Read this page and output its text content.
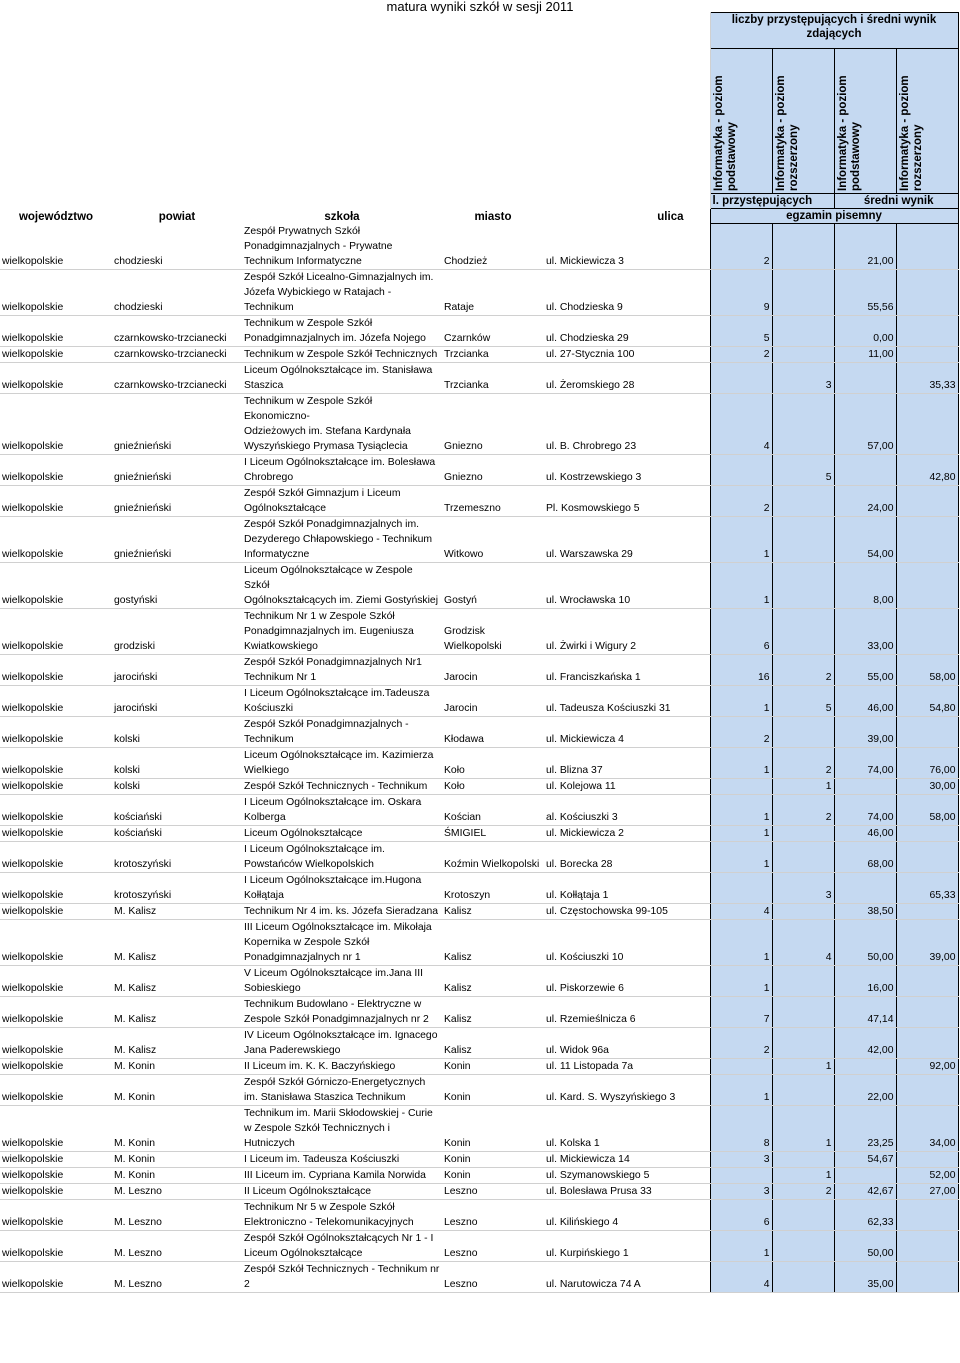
matura wyniki szkół w sesji 2011
					liczby przystępujących i średni wynik zdających			

					Informatyka - poziom podstawowy	Informatyka - poziom rozszerzony	Informatyka - poziom podstawowy	Informatyka - poziom rozszerzony

					l. przystępujących		średni wynik	
województwo	powiat	szkoła	miasto	ulica	egzamin pisemny			
wielkopolskie	chodzieski	Zespół Prywatnych Szkół
Ponadgimnazjalnych - Prywatne
Technikum Informatyczne	Chodzież	ul. Mickiewicza 3	2		21,00	
wielkopolskie	chodzieski	Zespół Szkół Licealno-Gimnazjalnych im.
Józefa Wybickiego w Ratajach -
Technikum	Rataje	ul. Chodzieska 9	9		55,56	
wielkopolskie	czarnkowsko-trzcianecki	Technikum w Zespole Szkół
Ponadgimnazjalnych im. Józefa Nojego	Czarnków	ul. Chodzieska 29	5		0,00	
wielkopolskie	czarnkowsko-trzcianecki	Technikum w Zespole Szkół Technicznych	Trzcianka	ul. 27-Stycznia 100	2		11,00	
wielkopolskie	czarnkowsko-trzcianecki	Liceum Ogólnokształcące im. Stanisława
Staszica	Trzcianka	ul. Żeromskiego 28		3		35,33
wielkopolskie	gnieźnieński	Technikum w Zespole Szkół Ekonomiczno-
Odzieżowych im. Stefana Kardynała
Wyszyńskiego Prymasa Tysiąclecia	Gniezno	ul. B. Chrobrego 23	4		57,00	
wielkopolskie	gnieźnieński	I Liceum Ogólnokształcące im. Bolesława
Chrobrego	Gniezno	ul. Kostrzewskiego 3		5		42,80
wielkopolskie	gnieźnieński	Zespół Szkół Gimnazjum i Liceum
Ogólnokształcące	Trzemeszno	Pl. Kosmowskiego 5	2		24,00	
wielkopolskie	gnieźnieński	Zespół Szkół Ponadgimnazjalnych im.
Dezyderego Chłapowskiego - Technikum
Informatyczne	Witkowo	ul. Warszawska 29	1		54,00	
wielkopolskie	gostyński	Liceum Ogólnokształcące w Zespole Szkół
Ogólnokształcących im. Ziemi Gostyńskiej	Gostyń	ul. Wrocławska 10	1		8,00	
wielkopolskie	grodziski	Technikum Nr 1 w Zespole Szkół
Ponadgimnazjalnych im. Eugeniusza
Kwiatkowskiego	Grodzisk
Wielkopolski	ul. Żwirki i Wigury 2	6		33,00	
wielkopolskie	jarociński	Zespół Szkół Ponadgimnazjalnych Nr1
Technikum Nr 1	Jarocin	ul. Franciszkańska 1	16	2	55,00	58,00
wielkopolskie	jarociński	I Liceum Ogólnokształcące im.Tadeusza
Kościuszki	Jarocin	ul. Tadeusza Kościuszki 31	1	5	46,00	54,80
wielkopolskie	kolski	Zespół Szkół Ponadgimnazjalnych -
Technikum	Kłodawa	ul. Mickiewicza 4	2		39,00	
wielkopolskie	kolski	Liceum Ogólnokształcące im. Kazimierza
Wielkiego	Koło	ul. Blizna 37	1	2	74,00	76,00
wielkopolskie	kolski	Zespół Szkół Technicznych - Technikum	Koło	ul. Kolejowa 11		1		30,00
wielkopolskie	kościański	I Liceum Ogólnokształcące im. Oskara
Kolberga	Kościan	al. Kościuszki 3	1	2	74,00	58,00
wielkopolskie	kościański	Liceum Ogólnokształcące	ŚMIGIEL	ul. Mickiewicza 2	1		46,00	
wielkopolskie	krotoszyński	I Liceum Ogólnokształcące im.
Powstańców Wielkopolskich	Koźmin Wielkopolski	ul. Borecka 28	1		68,00	
wielkopolskie	krotoszyński	I Liceum Ogólnokształcące im.Hugona
Kołłątaja	Krotoszyn	ul. Kołłątaja 1		3		65,33
wielkopolskie	M. Kalisz	Technikum Nr 4 im. ks. Józefa Sieradzana	Kalisz	ul. Częstochowska 99-105	4		38,50	
wielkopolskie	M. Kalisz	III Liceum Ogólnokształcące im. Mikołaja
Kopernika w Zespole Szkół
Ponadgimnazjalnych nr 1	Kalisz	ul. Kościuszki 10	1	4	50,00	39,00
wielkopolskie	M. Kalisz	V Liceum Ogólnokształcące im.Jana III
Sobieskiego	Kalisz	ul. Piskorzewie 6	1		16,00	
wielkopolskie	M. Kalisz	Technikum Budowlano - Elektryczne w
Zespole Szkół Ponadgimnazjalnych nr 2	Kalisz	ul. Rzemieślnicza 6	7		47,14	
wielkopolskie	M. Kalisz	IV Liceum Ogólnokształcące im. Ignacego
Jana Paderewskiego	Kalisz	ul. Widok 96a	2		42,00	
wielkopolskie	M. Konin	II Liceum im. K. K. Baczyńskiego	Konin	ul. 11 Listopada 7a		1		92,00
wielkopolskie	M. Konin	Zespół Szkół Górniczo-Energetycznych
im. Stanisława Staszica Technikum	Konin	ul. Kard. S. Wyszyńskiego 3	1		22,00	
wielkopolskie	M. Konin	Technikum im. Marii Skłodowskiej - Curie
w Zespole Szkół Technicznych i
Hutniczych	Konin	ul. Kolska 1	8	1	23,25	34,00
wielkopolskie	M. Konin	I Liceum im. Tadeusza Kościuszki	Konin	ul. Mickiewicza 14	3		54,67	
wielkopolskie	M. Konin	III Liceum im. Cypriana Kamila Norwida	Konin	ul. Szymanowskiego 5		1		52,00
wielkopolskie	M. Leszno	II Liceum Ogólnokształcące	Leszno	ul. Bolesława Prusa 33	3	2	42,67	27,00
wielkopolskie	M. Leszno	Technikum Nr 5 w Zespole Szkół
Elektroniczno - Telekomunikacyjnych	Leszno	ul. Kilińskiego 4	6		62,33	
wielkopolskie	M. Leszno	Zespół Szkół Ogólnokształcących Nr 1 - I
Liceum Ogólnokształcące	Leszno	ul. Kurpińskiego 1	1		50,00	
wielkopolskie	M. Leszno	Zespół Szkół Technicznych - Technikum nr
2	Leszno	ul. Narutowicza 74 A	4		35,00	
